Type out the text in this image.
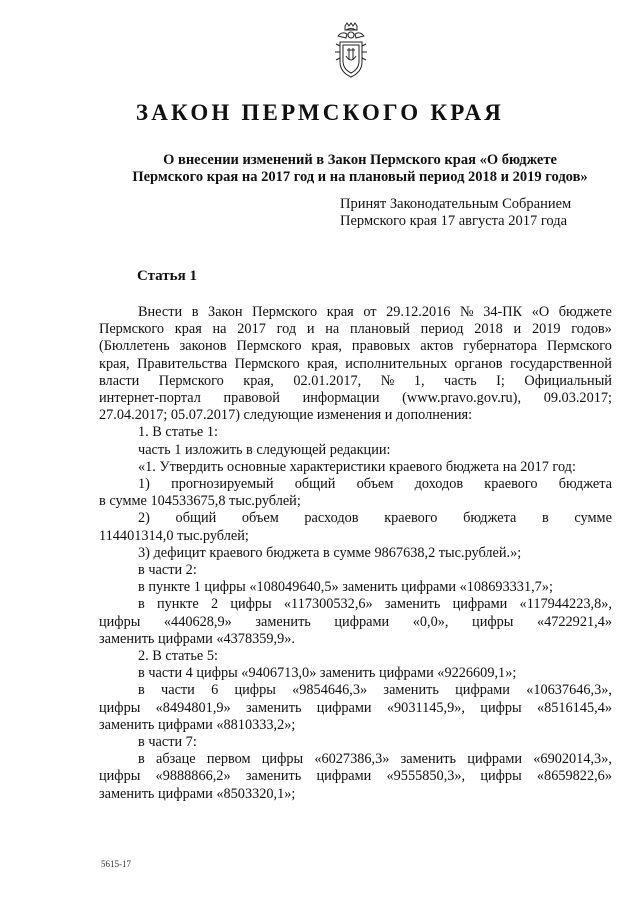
ЗАКОН ПЕРМСКОГО КРАЯ
О внесении изменений в Закон Пермского края «О бюджете
Пермского края на 2017 год и на плановый период 2018 и 2019 годов»
Принят Законодательным Собранием
Пермского края 17 августа 2017 года
Статья 1
Внести в Закон Пермского края от 29.12.2016 № 34-ПК «О бюджете
Пермского края на 2017 год и на плановый период 2018 и 2019 годов»
(Бюллетень законов Пермского края, правовых актов губернатора Пермского
края, Правительства Пермского края, исполнительных органов государственной
власти Пермского края, 02.01.2017, № 1, часть I; Официальный
интернет-портал правовой информации (www.pravo.gov.ru), 09.03.2017;
27.04.2017; 05.07.2017) следующие изменения и дополнения:
1. В статье 1:
часть 1 изложить в следующей редакции:
«1. Утвердить основные характеристики краевого бюджета на 2017 год:
1) прогнозируемый общий объем доходов краевого бюджета
в сумме 104533675,8 тыс.рублей;
2) общий объем расходов краевого бюджета в сумме
114401314,0 тыс.рублей;
3) дефицит краевого бюджета в сумме 9867638,2 тыс.рублей.»;
в части 2:
в пункте 1 цифры «108049640,5» заменить цифрами «108693331,7»;
в пункте 2 цифры «117300532,6» заменить цифрами «117944223,8»,
цифры «440628,9» заменить цифрами «0,0», цифры «4722921,4»
заменить цифрами «4378359,9».
2. В статье 5:
в части 4 цифры «9406713,0» заменить цифрами «9226609,1»;
в части 6 цифры «9854646,3» заменить цифрами «10637646,3»,
цифры «8494801,9» заменить цифрами «9031145,9», цифры «8516145,4»
заменить цифрами «8810333,2»;
в части 7:
в абзаце первом цифры «6027386,3» заменить цифрами «6902014,3»,
цифры «9888866,2» заменить цифрами «9555850,3», цифры «8659822,6»
заменить цифрами «8503320,1»;
5615-17
